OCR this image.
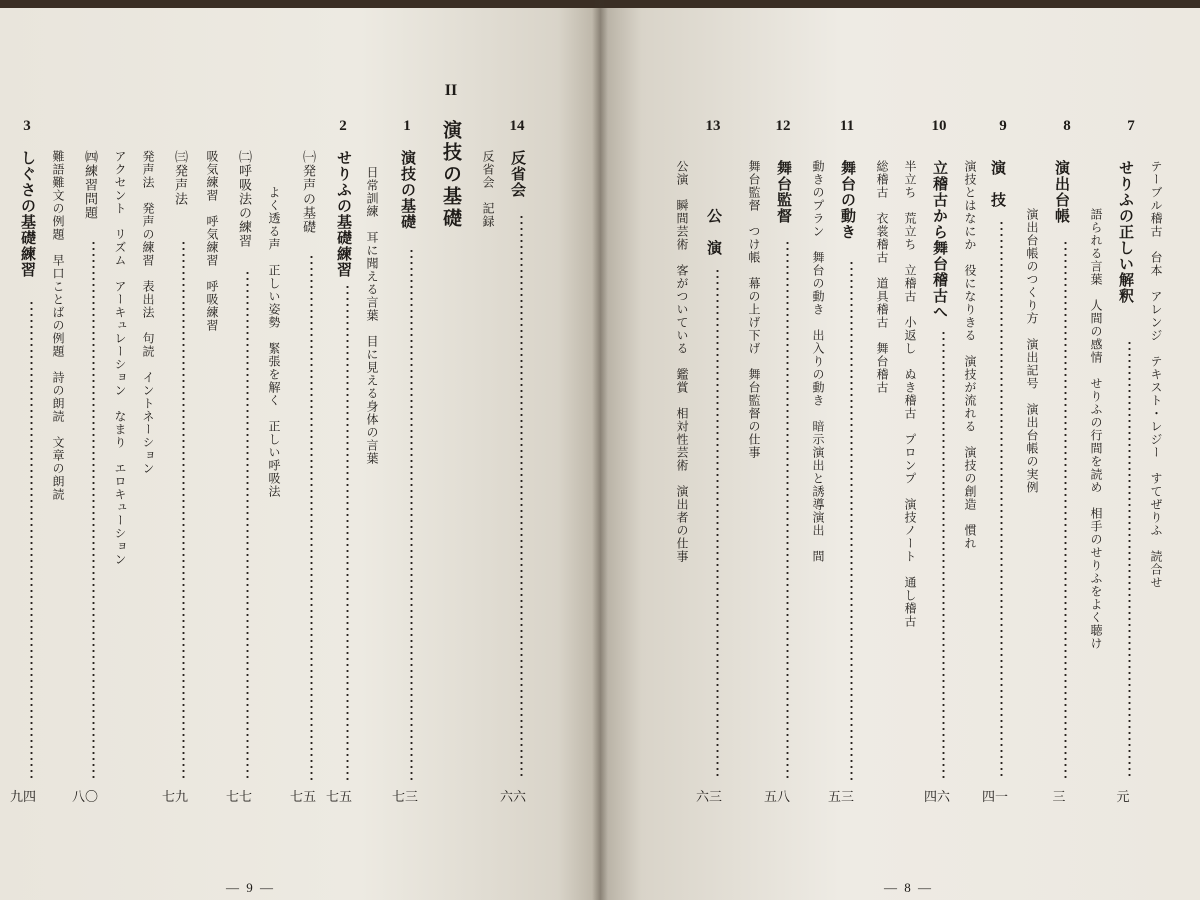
7
テーブル稽古　台本　アレンジ　テキスト・レジー　すてぜりふ　読合せ
せりふの正しい解釈
元
語られる言葉　人間の感情　せりふの行間を読め　相手のせりふをよく聴け
8
演出台帳
三
演出台帳のつくり方　演出記号　演出台帳の実例
9
演　技
四一
演技とはなにか　役になりきる　演技が流れる　演技の創造　慣れ
10
立稽古から舞台稽古へ
四六
半立ち　荒立ち　立稽古　小返し　ぬき稽古　プロンプ　演技ノート　通し稽古
総稽古　衣裳稽古　道具稽古　舞台稽古
11
舞台の動き
五三
動きのプラン　舞台の動き　出入りの動き　暗示演出と誘導演出　間
12
舞台監督
五八
舞台監督　つけ帳　幕の上げ下げ　舞台監督の仕事
13
公　演
六三
公演　瞬間芸術　客がついている　鑑賞　相対性芸術　演出者の仕事
14
反省会
六六
反省会　記録
II
演技の基礎
1
演技の基礎
七三
日常訓練　耳に聞える言葉　目に見える身体の言葉
2
せりふの基礎練習
七五
㈠発声の基礎
七五
よく透る声　正しい姿勢　緊張を解く　正しい呼吸法
㈡呼吸法の練習
七七
吸気練習　呼気練習　呼吸練習
㈢発声法
七九
発声法　発声の練習　表出法　句読　イントネーション
アクセント　リズム　アーキュレーション　なまり　エロキューション
㈣練習問題
八〇
難語難文の例題　早口ことばの例題　詩の朗読　文章の朗読
3
しぐさの基礎練習
九四
— 9 —	— 8 —
